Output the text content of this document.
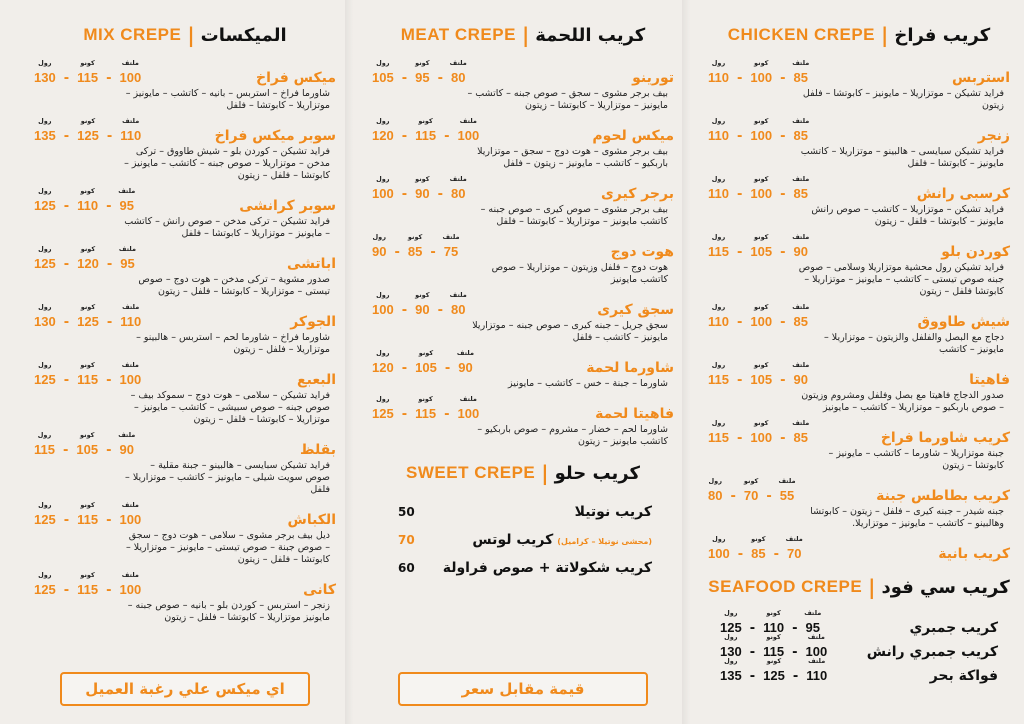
MIX CREPE | الميكسات
رول
130 -
كونو
115 -
ملتف
100	ميكس فراخ
شاورما فراخ – استربس – بانيه – كاتشب – مايونيز – موتزاريلا – كابوتشا – فلفل
رول
135 -
كونو
125 -
ملتف
110	سوبر ميكس فراخ
فرايد تشيكن – كوردن بلو – شيش طاووق – تركى مدخن – موتزاريلا – صوص جبنه – كاتشب – مايونيز – كابوتشا – فلفل – زيتون
رول
125 -
كونو
110 -
ملتف
95	سوبر كرانشى
فرايد تشيكن – تركى مدخن – صوص رانش – كاتشب – مايونيز – موتزاريلا – كابوتشا – فلفل
رول
125 -
كونو
120 -
ملتف
95	اباتشى
صدور مشوية – تركى مدخن – هوت دوج – صوص تيستى – موتزاريلا – كابوتشا – فلفل – زيتون
رول
130 -
كونو
125 -
ملتف
110	الجوكر
شاورما فراخ – شاورما لحم – استربس – هالبينو – موتزاريلا – فلفل – زيتون
رول
125 -
كونو
115 -
ملتف
100	البعبع
فرايد تشيكن – سلامى – هوت دوج – سموكد بيف – صوص جبنه – صوص سبيشى – كاتشب – مايونيز – موتزاريلا – كابوتشا – فلفل – زيتون
رول
115 -
كونو
105 -
ملتف
90	بقلظ
فرايد تشيكن سبايسى – هالبينو – جبنة مقلية – صوص سويت شيلى – مايونيز – كاتشب – موتزاريلا – فلفل
رول
125 -
كونو
115 -
ملتف
100	الكباش
ديل بيف برجر مشوى – سلامى – هوت دوج – سجق – صوص جبنة – صوص تيستى – مايونيز – موتزاريلا – كابوتشا – فلفل – زيتون
رول
125 -
كونو
115 -
ملتف
100	كانى
زنجر – استربس – كوردن بلو – بانيه – صوص جبنه – مايونيز موتزاريلا – كابوتشا – فلفل – زيتون
اي ميكس علي رغبة العميل
MEAT CREPE | كريب اللحمة
رول
105 -
كونو
95 -
ملتف
80	تورينو
بيف برجر مشوى – سجق – صوص جبنه – كاتشب – مايونيز – موتزاريلا – كابوتشا – زيتون
رول
120 -
كونو
115 -
ملتف
100	ميكس لحوم
بيف برجر مشوى – هوت دوج – سجق – موتزاريلا باربكيو – كاتشب – مايونيز – زيتون – فلفل
رول
100 -
كونو
90 -
ملتف
80	برجر كيرى
بيف برجر مشوى – صوص كيرى – صوص جبنه – كاتشب مايونيز – موتزاريلا – كابوتشا – فلفل
رول
90 -
كونو
85 -
ملتف
75	هوت دوج
هوت دوج – فلفل وزيتون – موتزاريلا – صوص كاتشب مايونيز
رول
100 -
كونو
90 -
ملتف
80	سجق كيرى
سجق جريل – جبنه كيرى – صوص جبنه – موتزاريلا مايونيز – كاتشب – فلفل
رول
120 -
كونو
105 -
ملتف
90	شاورما لحمة
شاورما – جبنة – خس – كاتشب – مايونيز
رول
125 -
كونو
115 -
ملتف
100	فاهيتا لحمة
شاورما لحم – خضار – مشروم – صوص باربكيو – كاتشب مايونيز – زيتون
SWEET CREPE | كريب حلو
50	كريب نوتيلا
70	(محشى نوتيلا – كراميل)كريب لوتس
60 كريب شكولاتة + صوص فراولة
قيمة مقابل سعر
CHICKEN CREPE | كريب فراخ
رول
110 -
كونو
100 -
ملتف
85	استربس
فرايد تشيكن – موتزاريلا – مايونيز – كابوتشا – فلفل زيتون
رول
110 -
كونو
100 -
ملتف
85	زنجر
فرايد تشيكن سبايسى – هالبينو – موتزاريلا – كاتشب مايونيز – كابوتشا – فلفل
رول
110 -
كونو
100 -
ملتف
85	كرسبى رانش
فرايد تشيكن – موتزاريلا – كاتشب – صوص رانش مايونيز – كابوتشا – فلفل – زيتون
رول
115 -
كونو
105 -
ملتف
90	كوردن بلو
فرايد تشيكن رول محشية موتزاريلا وسلامى – صوص جبنه صوص تيستى – كاتشب – مايونيز – موتزاريلا – كابوتشا فلفل – زيتون
رول
110 -
كونو
100 -
ملتف
85	شيش طاووق
دجاج مع البصل والفلفل والزيتون – موتزاريلا – مايونيز – كاتشب
رول
115 -
كونو
105 -
ملتف
90	فاهيتا
صدور الدجاج فاهيتا مع بصل وفلفل ومشروم وزيتون – صوص باربكيو – موتزاريلا – كاتشب – مايونيز
رول
115 -
كونو
100 -
ملتف
85	كريب شاورما فراخ
جبنة موتزاريلا – شاورما – كاتشب – مايونيز – كابوتشا – زيتون
رول
80 -
كونو
70 -
ملتف
55	كريب بطاطس جبنة
جبنه شيدر – جبنه كيرى – فلفل – زيتون – كابوتشا وهالبينو – كاتشب – مايونيز – موتزاريلا.
رول
100 -
كونو
85 -
ملتف
70	كريب بانية
SEAFOOD CREPE | كريب سي فود
رول
125 -
كونو
110 -
ملتف
95	كريب جمبري
رول
130 -
كونو
115 -
ملتف
100	كريب جمبري رانش
رول
135 -
كونو
125 -
ملتف
110	فواكة بحر
